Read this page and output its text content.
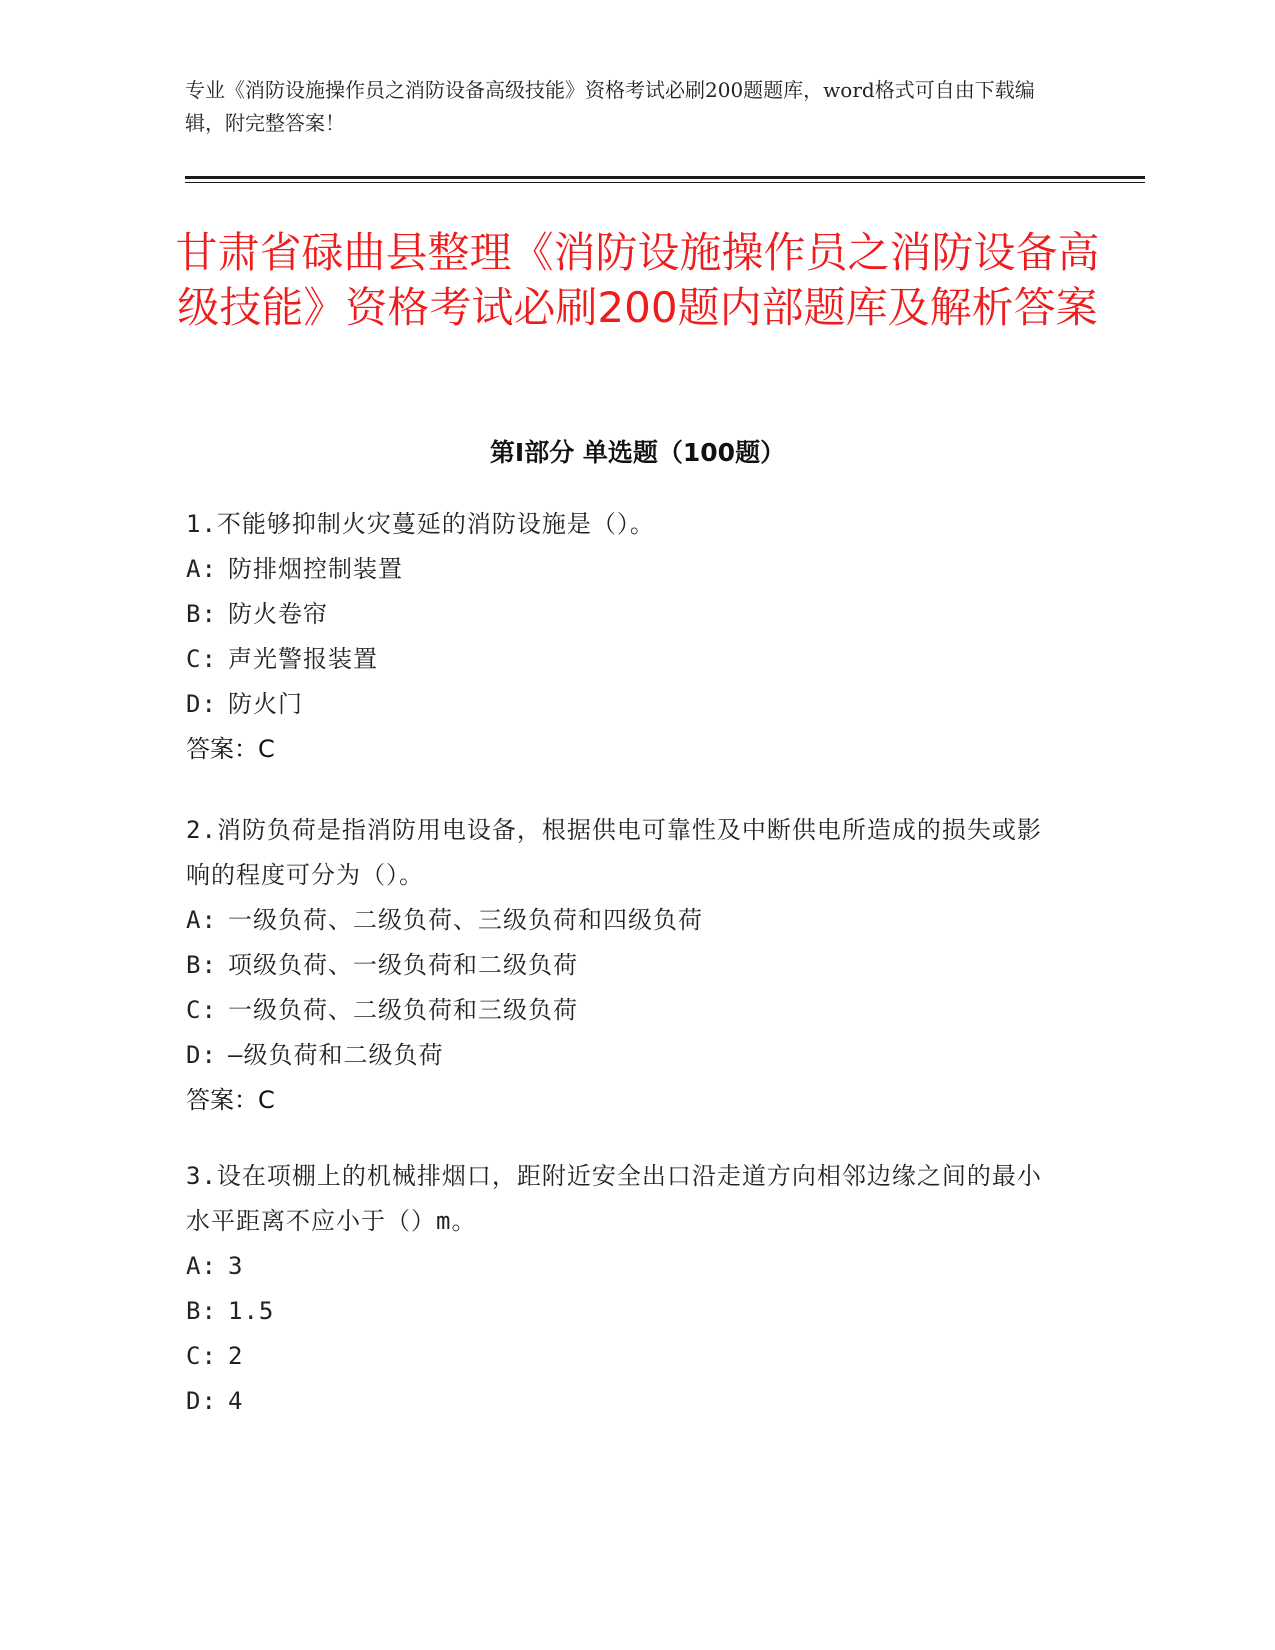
专业《消防设施操作员之消防设备高级技能》资格考试必刷200题题库，word格式可自由下载编辑，附完整答案！
甘肃省碌曲县整理《消防设施操作员之消防设备高级技能》资格考试必刷200题内部题库及解析答案
第I部分 单选题（100题）

1.不能够抑制火灾蔓延的消防设施是（）。

A: 防排烟控制装置

B: 防火卷帘

C: 声光警报装置

D: 防火门

答案：C

2.消防负荷是指消防用电设备，根据供电可靠性及中断供电所造成的损失或影响的程度可分为（）。

A: 一级负荷、二级负荷、三级负荷和四级负荷

B: 项级负荷、一级负荷和二级负荷

C: 一级负荷、二级负荷和三级负荷

D: —级负荷和二级负荷

答案：C

3.设在项棚上的机械排烟口，距附近安全出口沿走道方向相邻边缘之间的最小水平距离不应小于（）m。

A: 3

B: 1.5

C: 2

D: 4
